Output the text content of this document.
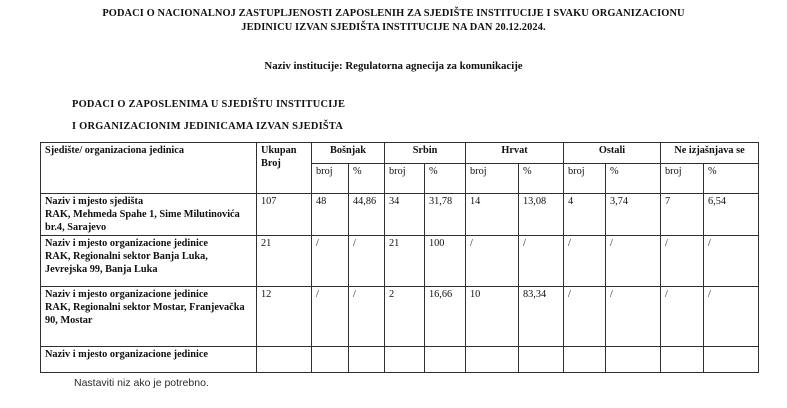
PODACI O NACIONALNOJ ZASTUPLJENOSTI ZAPOSLENIH ZA SJEDIŠTE INSTITUCIJE I SVAKU ORGANIZACIONU
JEDINICU IZVAN SJEDIŠTA INSTITUCIJE NA DAN 20.12.2024.
Naziv institucije: Regulatorna agnecija za komunikacije
PODACI O ZAPOSLENIMA U SJEDIŠTU INSTITUCIJE
I ORGANIZACIONIM JEDINICAMA IZVAN SJEDIŠTA
Sjedište/ organizaciona jedinica	Ukupan Broj	Bošnjak		Srbin		Hrvat		Ostali		Ne izjašnjava se	
		broj	%	broj	%	broj	%	broj	%	broj	%

Naziv i mjesto sjedišta
RAK, Mehmeda Spahe 1, Sime Milutinovića br.4, Sarajevo	107	48	44,86	34	31,78	14	13,08	4	3,74	7	6,54

Naziv i mjesto organizacione jedinice
RAK, Regionalni sektor Banja Luka, Jevrejska 99, Banja Luka	21	/	/	21	100	/	/	/	/	/	/

Naziv i mjesto organizacione jedinice
RAK, Regionalni sektor Mostar, Franjevačka 90, Mostar	12	/	/	2	16,66	10	83,34	/	/	/	/

Naziv i mjesto organizacione jedinice											

Nastaviti niz ako je potrebno.
